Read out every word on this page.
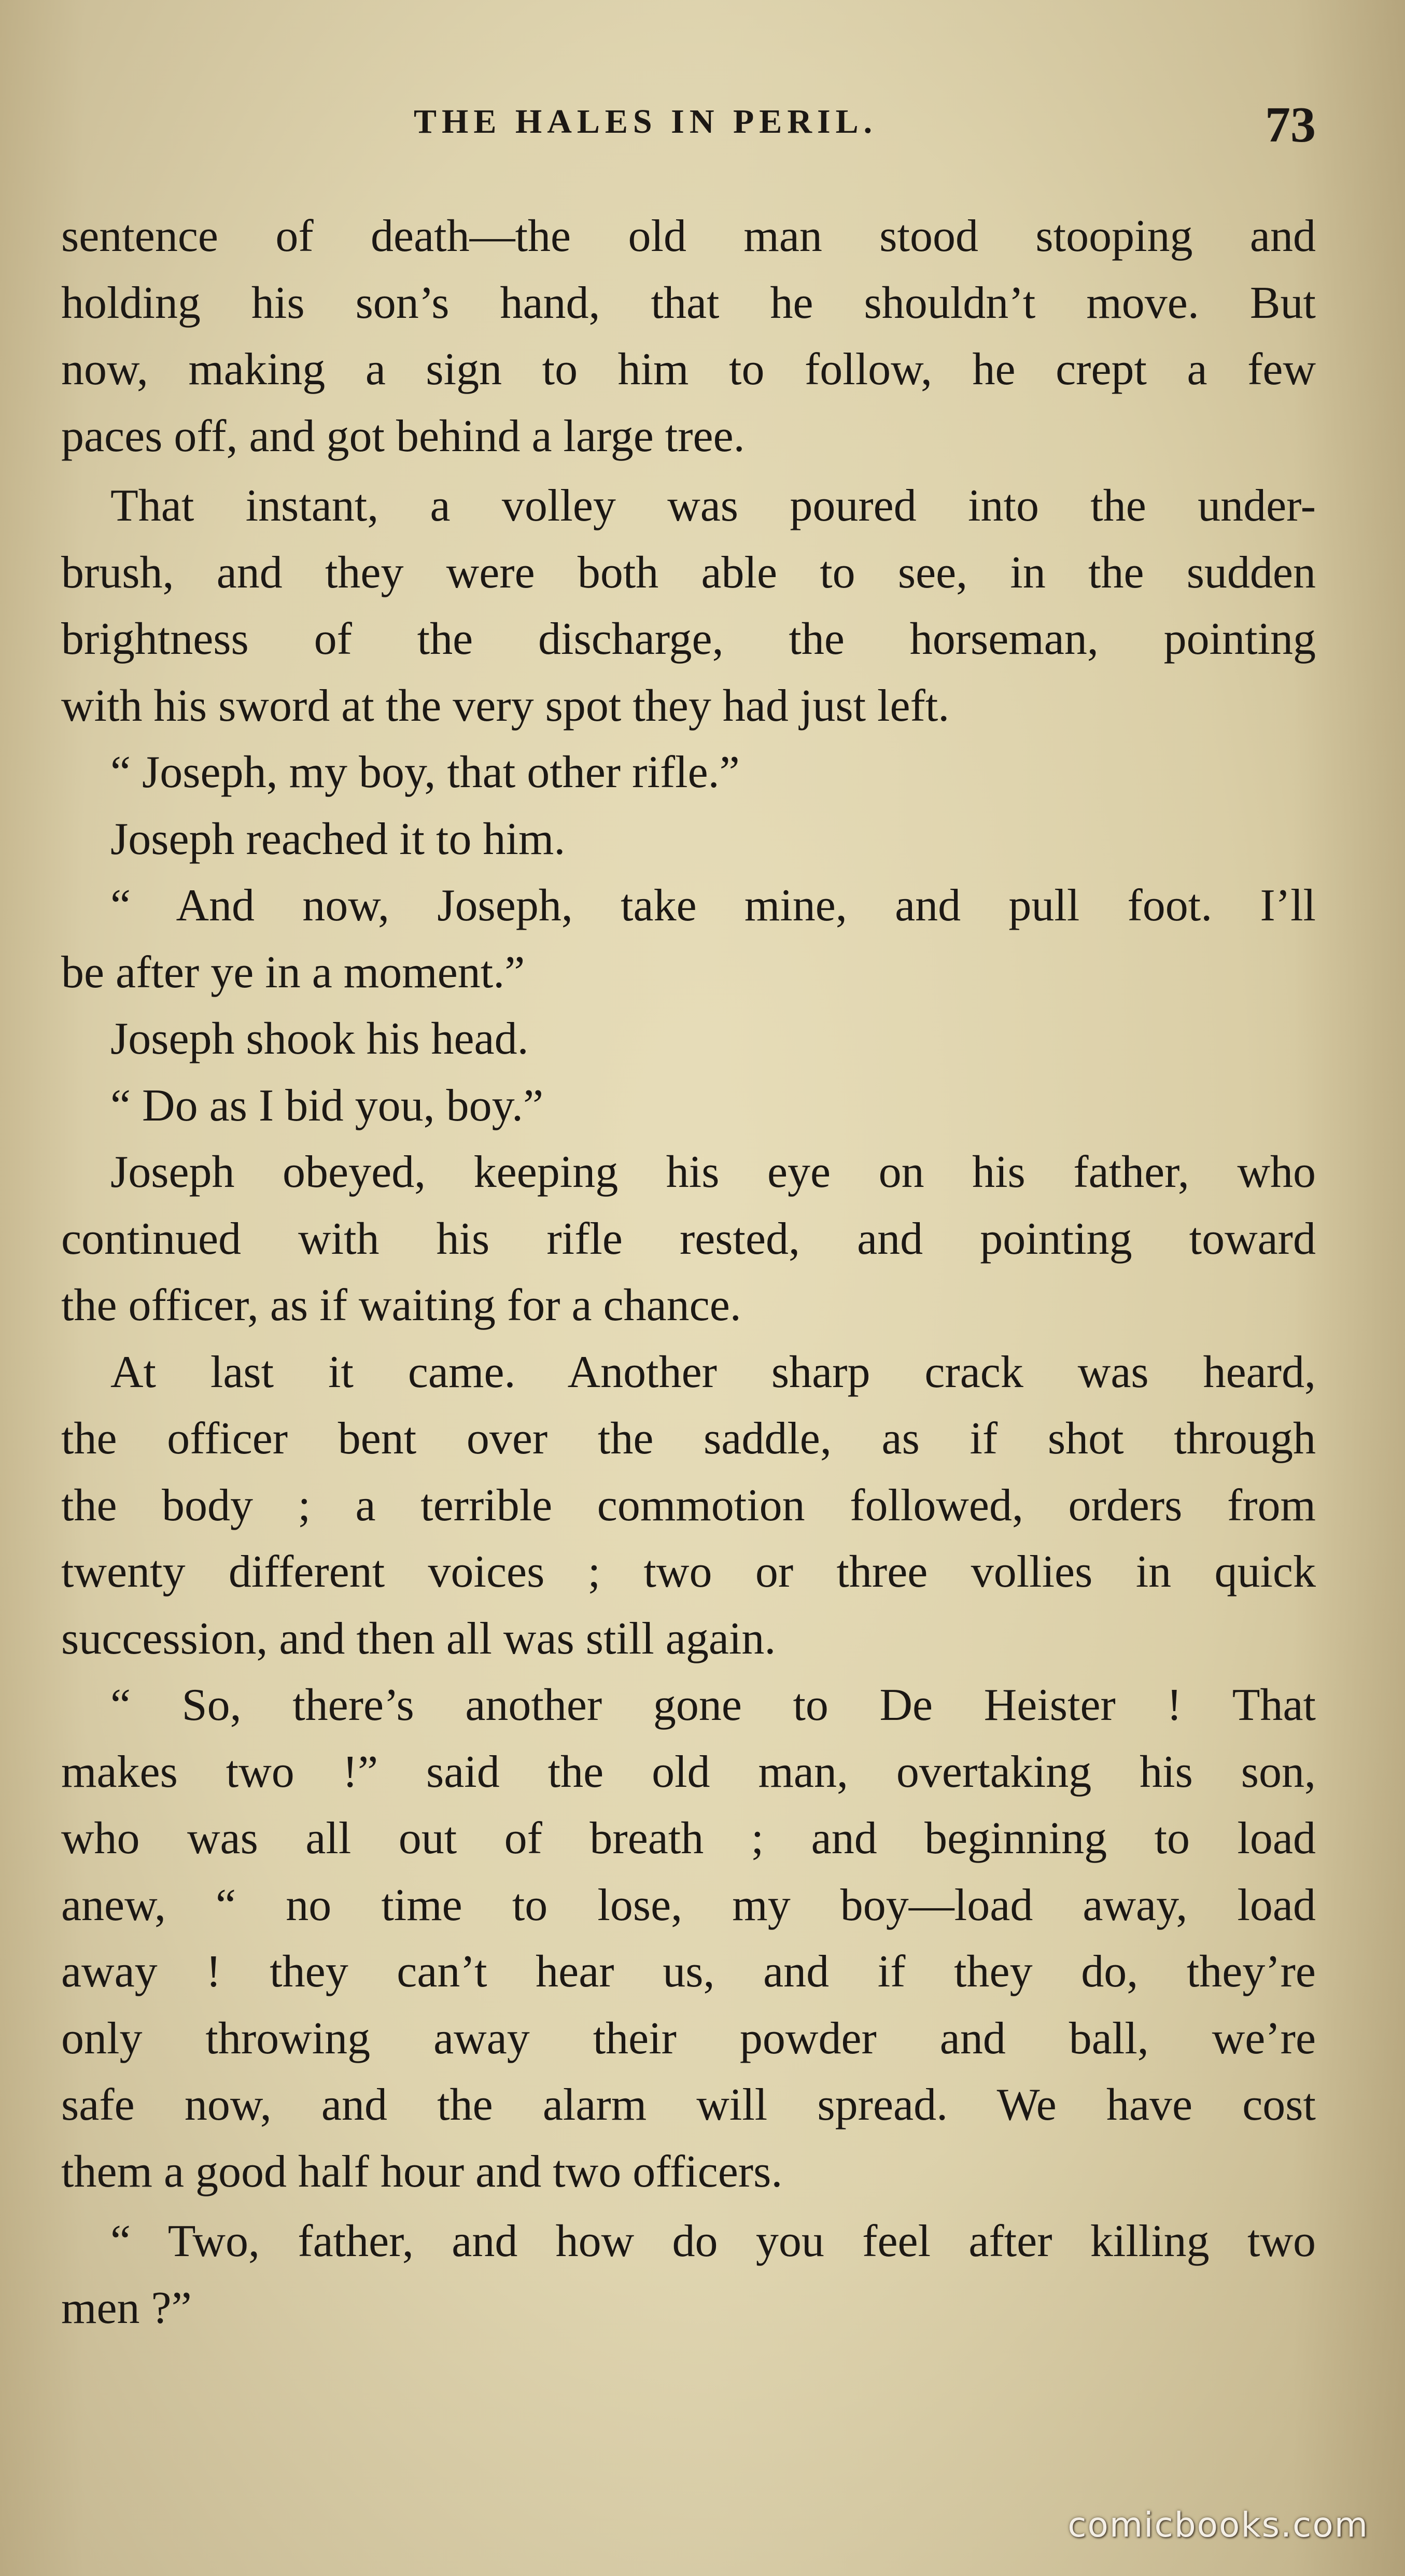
THE HALES IN PERIL.	73
sentence of death—the old man stood stooping and
holding his son’s hand, that he shouldn’t move. But
now, making a sign to him to follow, he crept a few
paces off, and got behind a large tree.
That instant, a volley was poured into the under-
brush, and they were both able to see, in the sudden
brightness of the discharge, the horseman, pointing
with his sword at the very spot they had just left.
“ Joseph, my boy, that other rifle.”
Joseph reached it to him.
“ And now, Joseph, take mine, and pull foot. I’ll
be after ye in a moment.”
Joseph shook his head.
“ Do as I bid you, boy.”
Joseph obeyed, keeping his eye on his father, who
continued with his rifle rested, and pointing toward
the officer, as if waiting for a chance.
At last it came. Another sharp crack was heard,
the officer bent over the saddle, as if shot through
the body ; a terrible commotion followed, orders from
twenty different voices ; two or three vollies in quick
succession, and then all was still again.
“ So, there’s another gone to De Heister ! That
makes two !” said the old man, overtaking his son,
who was all out of breath ; and beginning to load
anew, “ no time to lose, my boy—load away, load
away ! they can’t hear us, and if they do, they’re
only throwing away their powder and ball, we’re
safe now, and the alarm will spread. We have cost
them a good half hour and two officers.
“ Two, father, and how do you feel after killing two
men ?”
comicbooks.com
